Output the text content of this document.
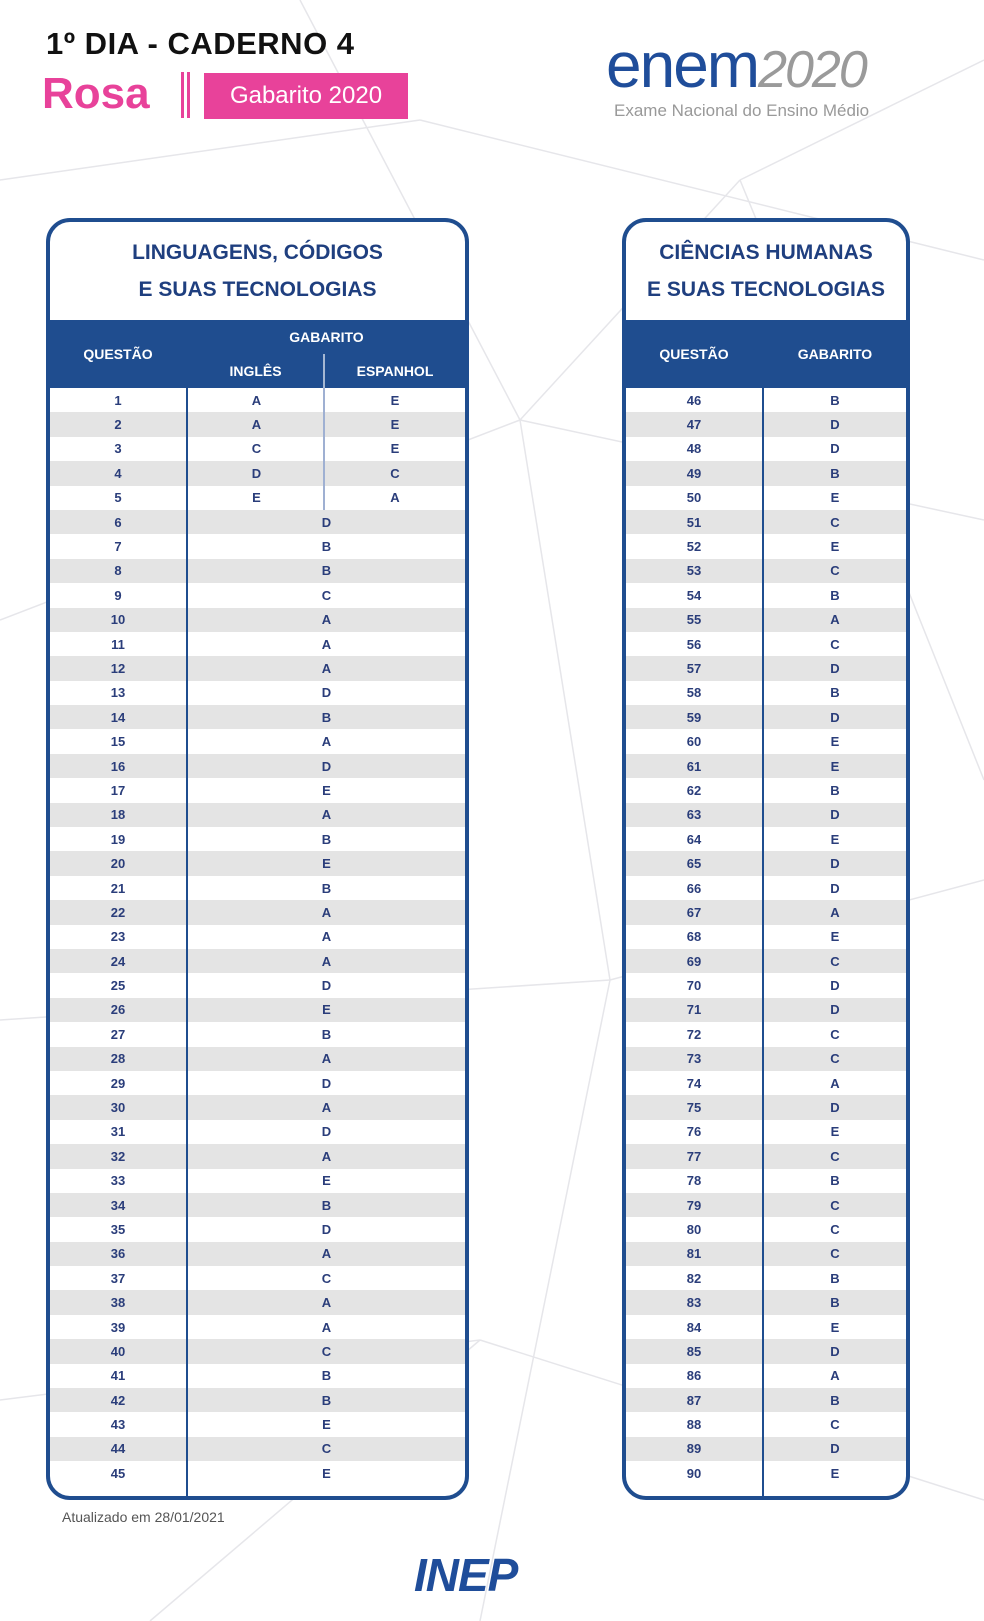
1º DIA - CADERNO 4
Rosa	Gabarito 2020	enem2020
Exame Nacional do Ensino Médio
LINGUAGENS, CÓDIGOS
E SUAS TECNOLOGIAS
QUESTÃO
GABARITO
INGLÊS	ESPANHOL
1	A	E
2	A	E
3	C	E
4	D	C
5	E	A
6	D
7	B
8	B
9	C
10	A
11	A
12	A
13	D
14	B
15	A
16	D
17	E
18	A
19	B
20	E
21	B
22	A
23	A
24	A
25	D
26	E
27	B
28	A
29	D
30	A
31	D
32	A
33	E
34	B
35	D
36	A
37	C
38	A
39	A
40	C
41	B
42	B
43	E
44	C
45	E
CIÊNCIAS HUMANAS
E SUAS TECNOLOGIAS
QUESTÃO	GABARITO
46	B
47	D
48	D
49	B
50	E
51	C
52	E
53	C
54	B
55	A
56	C
57	D
58	B
59	D
60	E
61	E
62	B
63	D
64	E
65	D
66	D
67	A
68	E
69	C
70	D
71	D
72	C
73	C
74	A
75	D
76	E
77	C
78	B
79	C
80	C
81	C
82	B
83	B
84	E
85	D
86	A
87	B
88	C
89	D
90	E
Atualizado em 28/01/2021
INEP
